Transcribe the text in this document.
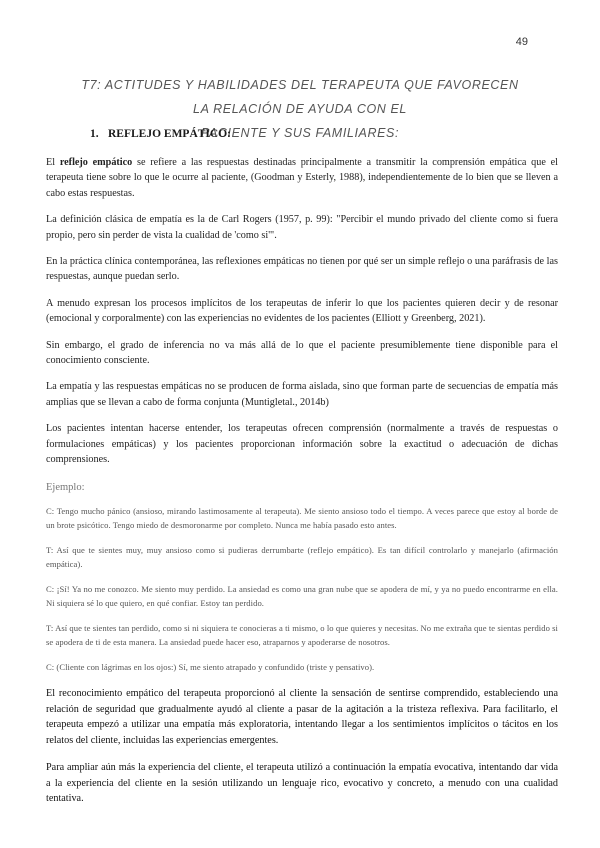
49
T7: ACTITUDES Y HABILIDADES DEL TERAPEUTA QUE FAVORECEN LA RELACIÓN DE AYUDA CON EL
PACIENTE Y SUS FAMILIARES:
1. REFLEJO EMPÁTICO:

El reflejo empático se refiere a las respuestas destinadas principalmente a transmitir la comprensión empática que el terapeuta tiene sobre lo que le ocurre al paciente, (Goodman y Esterly, 1988), independientemente de lo bien que se lleven a cabo estas respuestas.

La definición clásica de empatía es la de Carl Rogers (1957, p. 99): "Percibir el mundo privado del cliente como si fuera propio, pero sin perder de vista la cualidad de 'como si'".

En la práctica clínica contemporánea, las reflexiones empáticas no tienen por qué ser un simple reflejo o una paráfrasis de las respuestas, aunque puedan serlo.

A menudo expresan los procesos implícitos de los terapeutas de inferir lo que los pacientes quieren decir y de resonar (emocional y corporalmente) con las experiencias no evidentes de los pacientes (Elliott y Greenberg, 2021).

Sin embargo, el grado de inferencia no va más allá de lo que el paciente presumiblemente tiene disponible para el conocimiento consciente.

La empatía y las respuestas empáticas no se producen de forma aislada, sino que forman parte de secuencias de empatía más amplias que se llevan a cabo de forma conjunta (Muntigletal., 2014b)

Los pacientes intentan hacerse entender, los terapeutas ofrecen comprensión (normalmente a través de respuestas o formulaciones empáticas) y los pacientes proporcionan información sobre la exactitud o adecuación de dichas comprensiones.

Ejemplo:

C: Tengo mucho pánico (ansioso, mirando lastimosamente al terapeuta). Me siento ansioso todo el tiempo. A veces parece que estoy al borde de un brote psicótico. Tengo miedo de desmoronarme por completo. Nunca me había pasado esto antes.

T: Así que te sientes muy, muy ansioso como si pudieras derrumbarte (reflejo empático). Es tan difícil controlarlo y manejarlo (afirmación empática).

C: ¡Sí! Ya no me conozco. Me siento muy perdido. La ansiedad es como una gran nube que se apodera de mí, y ya no puedo encontrarme en ella. Ni siquiera sé lo que quiero, en qué confiar. Estoy tan perdido.

T: Así que te sientes tan perdido, como si ni siquiera te conocieras a ti mismo, o lo que quieres y necesitas. No me extraña que te sientas perdido si se apodera de ti de esta manera. La ansiedad puede hacer eso, atraparnos y apoderarse de nosotros.

C: (Cliente con lágrimas en los ojos:) Sí, me siento atrapado y confundido (triste y pensativo).

El reconocimiento empático del terapeuta proporcionó al cliente la sensación de sentirse comprendido, estableciendo una relación de seguridad que gradualmente ayudó al cliente a pasar de la agitación a la tristeza reflexiva. Para facilitarlo, el terapeuta empezó a utilizar una empatía más exploratoria, intentando llegar a los sentimientos implícitos o tácitos en los relatos del cliente, incluidas las experiencias emergentes.

Para ampliar aún más la experiencia del cliente, el terapeuta utilizó a continuación la empatía evocativa, intentando dar vida a la experiencia del cliente en la sesión utilizando un lenguaje rico, evocativo y concreto, a menudo con una cualidad tentativa.
